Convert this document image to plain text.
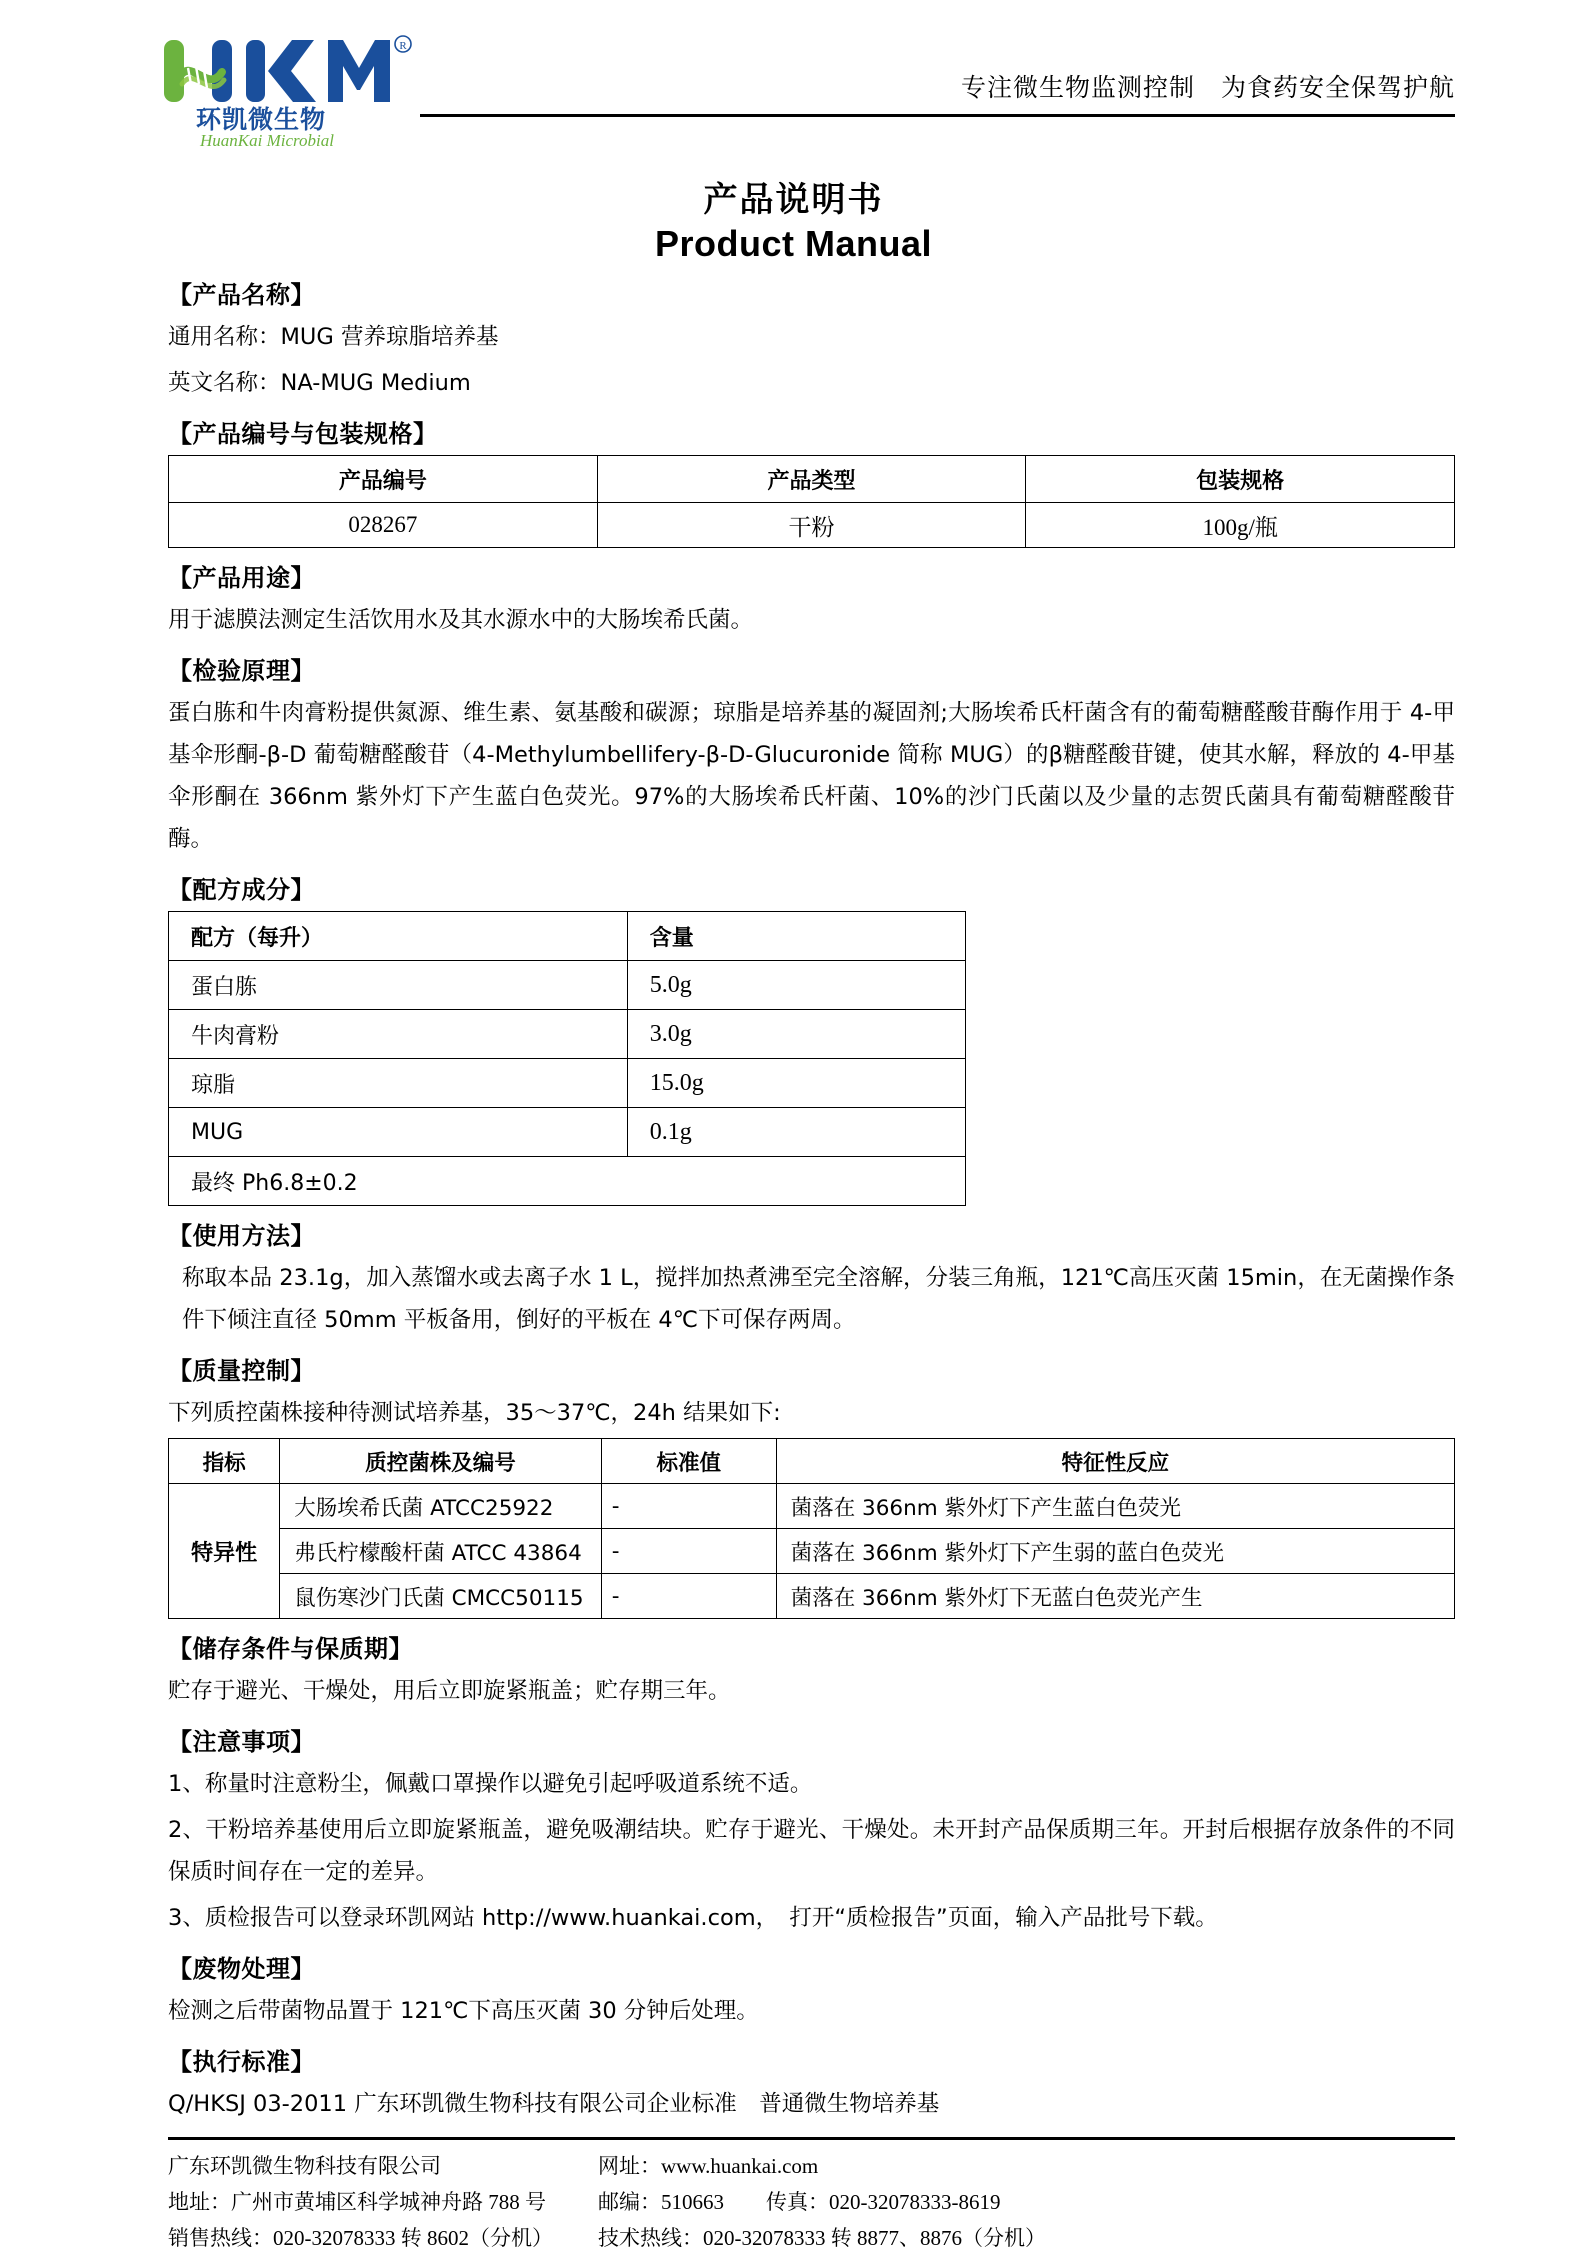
R
环凯微生物
HuanKai Microbial
专注微生物监测控制　为食药安全保驾护航
产品说明书
Product Manual
【产品名称】
通用名称：MUG 营养琼脂培养基
英文名称：NA-MUG Medium
【产品编号与包装规格】
产品编号	产品类型	包装规格
028267	干粉	100g/瓶
【产品用途】
用于滤膜法测定生活饮用水及其水源水中的大肠埃希氏菌。
【检验原理】
蛋白胨和牛肉膏粉提供氮源、维生素、氨基酸和碳源；琼脂是培养基的凝固剂;大肠埃希氏杆菌含有的葡萄糖醛酸苷酶作用于 4-甲基伞形酮-β-D 葡萄糖醛酸苷（4-Methylumbellifery-β-D-Glucuronide 简称 MUG）的β糖醛酸苷键，使其水解，释放的 4-甲基伞形酮在 366nm 紫外灯下产生蓝白色荧光。97%的大肠埃希氏杆菌、10%的沙门氏菌以及少量的志贺氏菌具有葡萄糖醛酸苷酶。
【配方成分】
配方（每升）	含量
蛋白胨	5.0g
牛肉膏粉	3.0g
琼脂	15.0g
MUG	0.1g
最终 Ph6.8±0.2	
【使用方法】
称取本品 23.1g，加入蒸馏水或去离子水 1 L，搅拌加热煮沸至完全溶解，分装三角瓶，121℃高压灭菌 15min，在无菌操作条件下倾注直径 50mm 平板备用，倒好的平板在 4℃下可保存两周。
【质量控制】
下列质控菌株接种待测试培养基，35～37℃，24h 结果如下:
指标	质控菌株及编号	标准值	特征性反应
特异性	大肠埃希氏菌 ATCC25922	-	菌落在 366nm 紫外灯下产生蓝白色荧光
	弗氏柠檬酸杆菌 ATCC 43864	-	菌落在 366nm 紫外灯下产生弱的蓝白色荧光
	鼠伤寒沙门氏菌 CMCC50115	-	菌落在 366nm 紫外灯下无蓝白色荧光产生
【储存条件与保质期】
贮存于避光、干燥处，用后立即旋紧瓶盖；贮存期三年。
【注意事项】
1、称量时注意粉尘，佩戴口罩操作以避免引起呼吸道系统不适。
2、干粉培养基使用后立即旋紧瓶盖，避免吸潮结块。贮存于避光、干燥处。未开封产品保质期三年。开封后根据存放条件的不同保质时间存在一定的差异。
3、质检报告可以登录环凯网站 http://www.huankai.com，　打开“质检报告”页面，输入产品批号下载。
【废物处理】
检测之后带菌物品置于 121℃下高压灭菌 30 分钟后处理。
【执行标准】
Q/HKSJ 03-2011 广东环凯微生物科技有限公司企业标准　普通微生物培养基
广东环凯微生物科技有限公司
地址：广州市黄埔区科学城神舟路 788 号
销售热线：020-32078333 转 8602（分机）
网址：www.huankai.com
邮编：510663　　传真：020-32078333-8619
技术热线：020-32078333 转 8877、8876（分机）
